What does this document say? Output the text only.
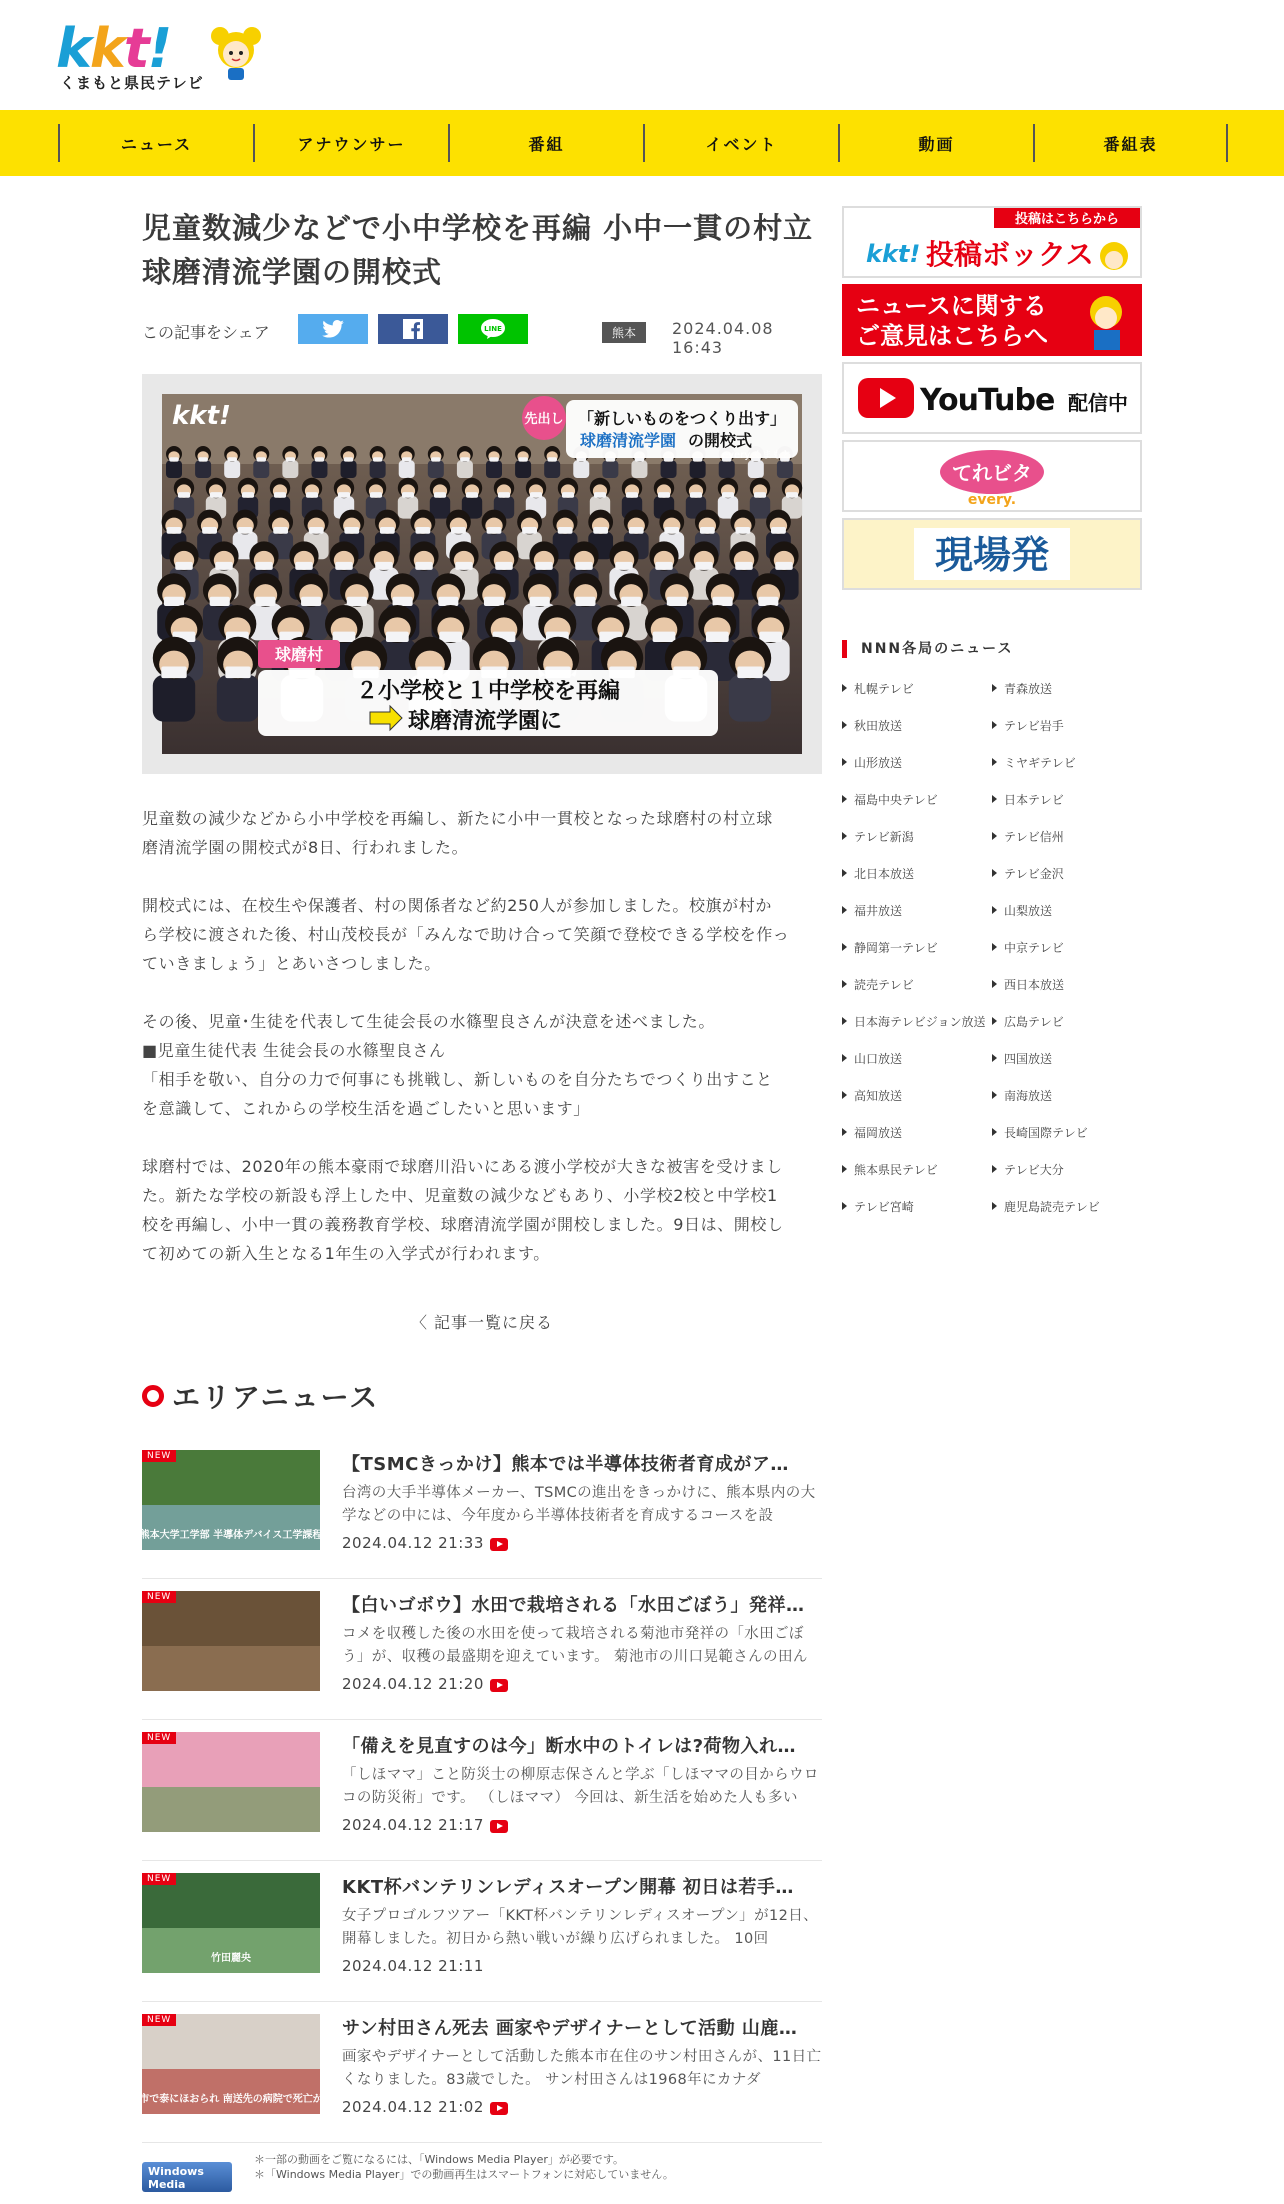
kkt!
くまもと県民テレビ
ニュース	アナウンサー	番組	イベント	動画	番組表
児童数減少などで小中学校を再編 小中一貫の村立球磨清流学園の開校式
この記事をシェア	LINE	熊本	2024.04.08 16:43
kkt!	先出し 「新しいものをつくり出す」
球磨清流学園 の開校式
every.くまもと
球磨村
２小学校と１中学校を再編
球磨清流学園に

児童数の減少などから小中学校を再編し、新たに小中一貫校となった球磨村の村立球
磨清流学園の開校式が8日、行われました。

開校式には、在校生や保護者、村の関係者など約250人が参加しました。校旗が村か
ら学校に渡された後、村山茂校長が「みんなで助け合って笑顔で登校できる学校を作っ
ていきましょう」とあいさつしました。

その後、児童･生徒を代表して生徒会長の水篠聖良さんが決意を述べました。
■児童生徒代表 生徒会長の水篠聖良さん
「相手を敬い、自分の力で何事にも挑戦し、新しいものを自分たちでつくり出すこと
を意識して、これからの学校生活を過ごしたいと思います」

球磨村では、2020年の熊本豪雨で球磨川沿いにある渡小学校が大きな被害を受けまし
た。新たな学校の新設も浮上した中、児童数の減少などもあり、小学校2校と中学校1
校を再編し、小中一貫の義務教育学校、球磨清流学園が開校しました。9日は、開校し
て初めての新入生となる1年生の入学式が行われます。

〈 記事一覧に戻る
エリアニュース
熊本大学工学部 半導体デバイス工学課程
NEW	【TSMCきっかけ】熊本では半導体技術者育成がア…
台湾の大手半導体メーカー、TSMCの進出をきっかけに、熊本県内の大学などの中には、今年度から半導体技術者を育成するコースを設
2024.04.12 21:33
NEW	【白いゴボウ】水田で栽培される「水田ごぼう」発祥…
コメを収穫した後の水田を使って栽培される菊池市発祥の「水田ごぼう」が、収穫の最盛期を迎えています。 菊池市の川口晃範さんの田ん
2024.04.12 21:20
NEW	「備えを見直すのは今」断水中のトイレは?荷物入れ…
「しほママ」こと防災士の柳原志保さんと学ぶ「しほママの目からウロコの防災術」です。 （しほママ） 今回は、新生活を始めた人も多い
2024.04.12 21:17
竹田麗央
NEW	KKT杯バンテリンレディスオープン開幕 初日は若手…
女子プロゴルフツアー「KKT杯バンテリンレディスオープン」が12日、開幕しました。初日から熱い戦いが繰り広げられました。 10回
2024.04.12 21:11
山鹿市で泰にほおられ 南送先の病院で死亡が確認
NEW	サン村田さん死去 画家やデザイナーとして活動 山鹿…
画家やデザイナーとして活動した熊本市在住のサン村田さんが、11日亡くなりました。83歳でした。 サン村田さんは1968年にカナダ
2024.04.12 21:02
Windows Media Player
＊一部の動画をご覧になるには、「Windows Media Player」が必要です。
＊「Windows Media Player」での動画再生はスマートフォンに対応していません。
投稿はこちらから
kkt! 投稿ボックス
ニュースに関する
ご意見はこちらへ
YouTube 配信中
てれビタ
every.
現場発
NNN各局のニュース
札幌テレビ
秋田放送
山形放送
福島中央テレビ
テレビ新潟
北日本放送
福井放送
静岡第一テレビ
読売テレビ
日本海テレビジョン放送
山口放送
高知放送
福岡放送
熊本県民テレビ
テレビ宮崎
青森放送
テレビ岩手
ミヤギテレビ
日本テレビ
テレビ信州
テレビ金沢
山梨放送
中京テレビ
西日本放送
広島テレビ
四国放送
南海放送
長崎国際テレビ
テレビ大分
鹿児島読売テレビ
